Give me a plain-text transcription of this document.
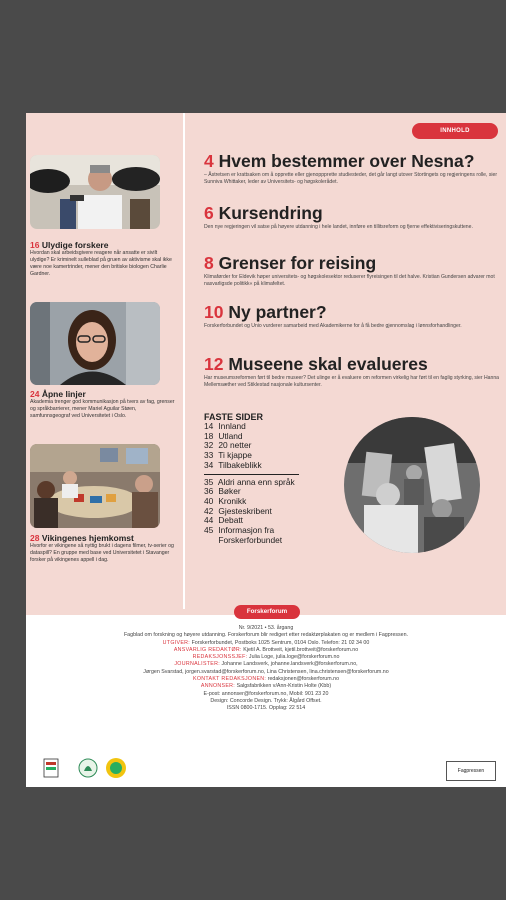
INNHOLD
16 Ulydige forskere
Hvordan skal arbeidsgivere reagere når ansatte er sivilt ulydige? Er kriminelt sulleblad på gruen av aktivisme skal ikke være noe kamertrinder, mener den britiske biologen Charlie Gardner.
24 Åpne linjer
Akademia trenger god kommunikasjon på tvers av fag, grenser og språkbarrierer, mener Mariel Aguilar Støen, samfunnsgeograf ved Universitetet i Oslo.
28 Vikingenes hjemkomst
Hvorfor er vikingene så nyttig brukt i dagens filmer, tv-serier og dataspill? En gruppe med base ved Universitetet i Stavanger forsker på vikingenes appell i dag.
4 Hvem bestemmer over Nesna?
– Åstretsen er krattsaken om å opprette eller gjenoppprette studiesteder, det går langt utover Stortingets og regjeringens rolle, sier Sunniva Whittaker, leder av Universitets- og høgskolerådet.
6 Kursendring
Den nye regjeringen vil satse på høyere utdanning i hele landet, innføre en tillitsreform og fjerne effektiviseringskuttene.
8 Grenser for reising
Klimaførder for Eldevik høper universitets- og høgskolesektor reduserer flyreisingen til det halve. Kristian Gundersen advarer mot nasvarligsde politikk« på klimafeltet.
10 Ny partner?
Forskerforbundet og Unio vurderer samarbeid med Akademikerne for å få bedre gjennomslag i lønnsforhandlinger.
12 Museene skal evalueres
Har museumsreformen ført til bedre museer? Det ulinge er å evaluere om reformen virkelig har ført til en faglig styrking, sier Hanna Mellemsæther ved Stiklestad nasjonale kultursenter.
FASTE SIDER
14 Innland
18 Utland
32 20 netter
33 Ti kjappe
34 Tilbakeblikk
35 Aldri anna enn språk
36 Bøker
40 Kronikk
42 Gjesteskribent
44 Debatt
45 Informasjon fra
Forskerforbundet
Forskerforum
Nr. 9/2021 • 53. årgang
Fagblad om forskning og høyere utdanning. Forskerforum blir redigert etter redaktørplakaten og er medlem i Fagpressen.
UTGIVER: Forskerforbundet, Postboks 1025 Sentrum, 0104 Oslo. Telefon: 21 02 34 00
ANSVARLIG REDAKTØR: Kjetil A. Brottveit, kjetil.brottveit@forskerforum.no
REDAKSJONSSJEF: Julia Loge, julia.loge@forskerforum.no
JOURNALISTER: Johanne Landsverk, johanne.landsverk@forskerforum.no,
Jørgen Svarstad, jorgen.svarstad@forskerforum.no, Lina Christensen, lina.christensen@forskerforum.no
KONTAKT REDAKSJONEN: redaksjonen@forskerforum.no
ANNONSER: Salgsfabrikken v/Ann-Kristin Holte (Kbb)
E-post: annonser@forskerforum.no, Mobil: 901 23 20
Design: Concorde Design. Trykk: Ålgård Offset.
ISSN 0800-1715. Opplag: 22 514
Fagpressen
